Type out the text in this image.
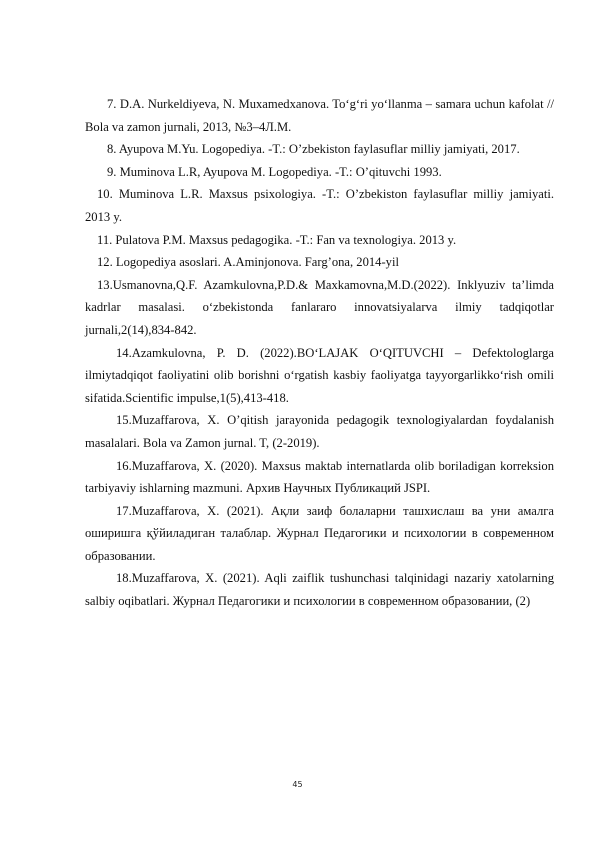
7. D.A. Nurkeldiyeva, N. Muxamedxanova. To‘g‘ri yo‘llanma – samara uchun kafolat // Bola va zamon jurnali, 2013, №3–4Л.М.

8. Ayupova M.Yu. Logopediya. -T.: O’zbekiston faylasuflar milliy jamiyati, 2017.

9. Muminova L.R, Ayupova M. Logopediya. -T.: O’qituvchi 1993.

10. Muminova L.R. Maxsus psixologiya. -T.: O’zbekiston faylasuflar milliy jamiyati. 2013 y.

11. Pulatova P.M. Maxsus pedagogika. -T.: Fan va texnologiya. 2013 y.

12. Logopediya asoslari. A.Aminjonova. Farg’ona, 2014-yil

13.Usmanovna,Q.F. Azamkulovna,P.D.& Maxkamovna,M.D.(2022). Inklyuziv ta’limda kadrlar masalasi. o‘zbekistonda fanlararo innovatsiyalarva ilmiy tadqiqotlar jurnali,2(14),834-842.

14.Azamkulovna, P. D. (2022).BO‘LAJAK O‘QITUVCHI – Defektologlarga ilmiytadqiqot faoliyatini olib borishni o‘rgatish kasbiy faoliyatga tayyorgarlikko‘rish omili sifatida.Scientific impulse,1(5),413-418.

15.Muzaffarova, X. O’qitish jarayonida pedagogik texnologiyalardan foydalanish masalalari. Bola va Zamon jurnal. T, (2-2019).

16.Muzaffarova, X. (2020). Maxsus maktab internatlarda olib boriladigan korreksion tarbiyaviy ishlarning mazmuni. Архив Научных Публикаций JSPI.

17.Muzaffarova, X. (2021). Ақли заиф болаларни ташхислаш ва уни амалга оширишга қўйиладиган талаблар. Журнал Педагогики и психологии в современном образовании.

18.Muzaffarova, X. (2021). Aqli zaiflik tushunchasi talqinidagi nazariy xatolarning salbiy oqibatlari. Журнал Педагогики и психологии в современном образовании, (2)

45
